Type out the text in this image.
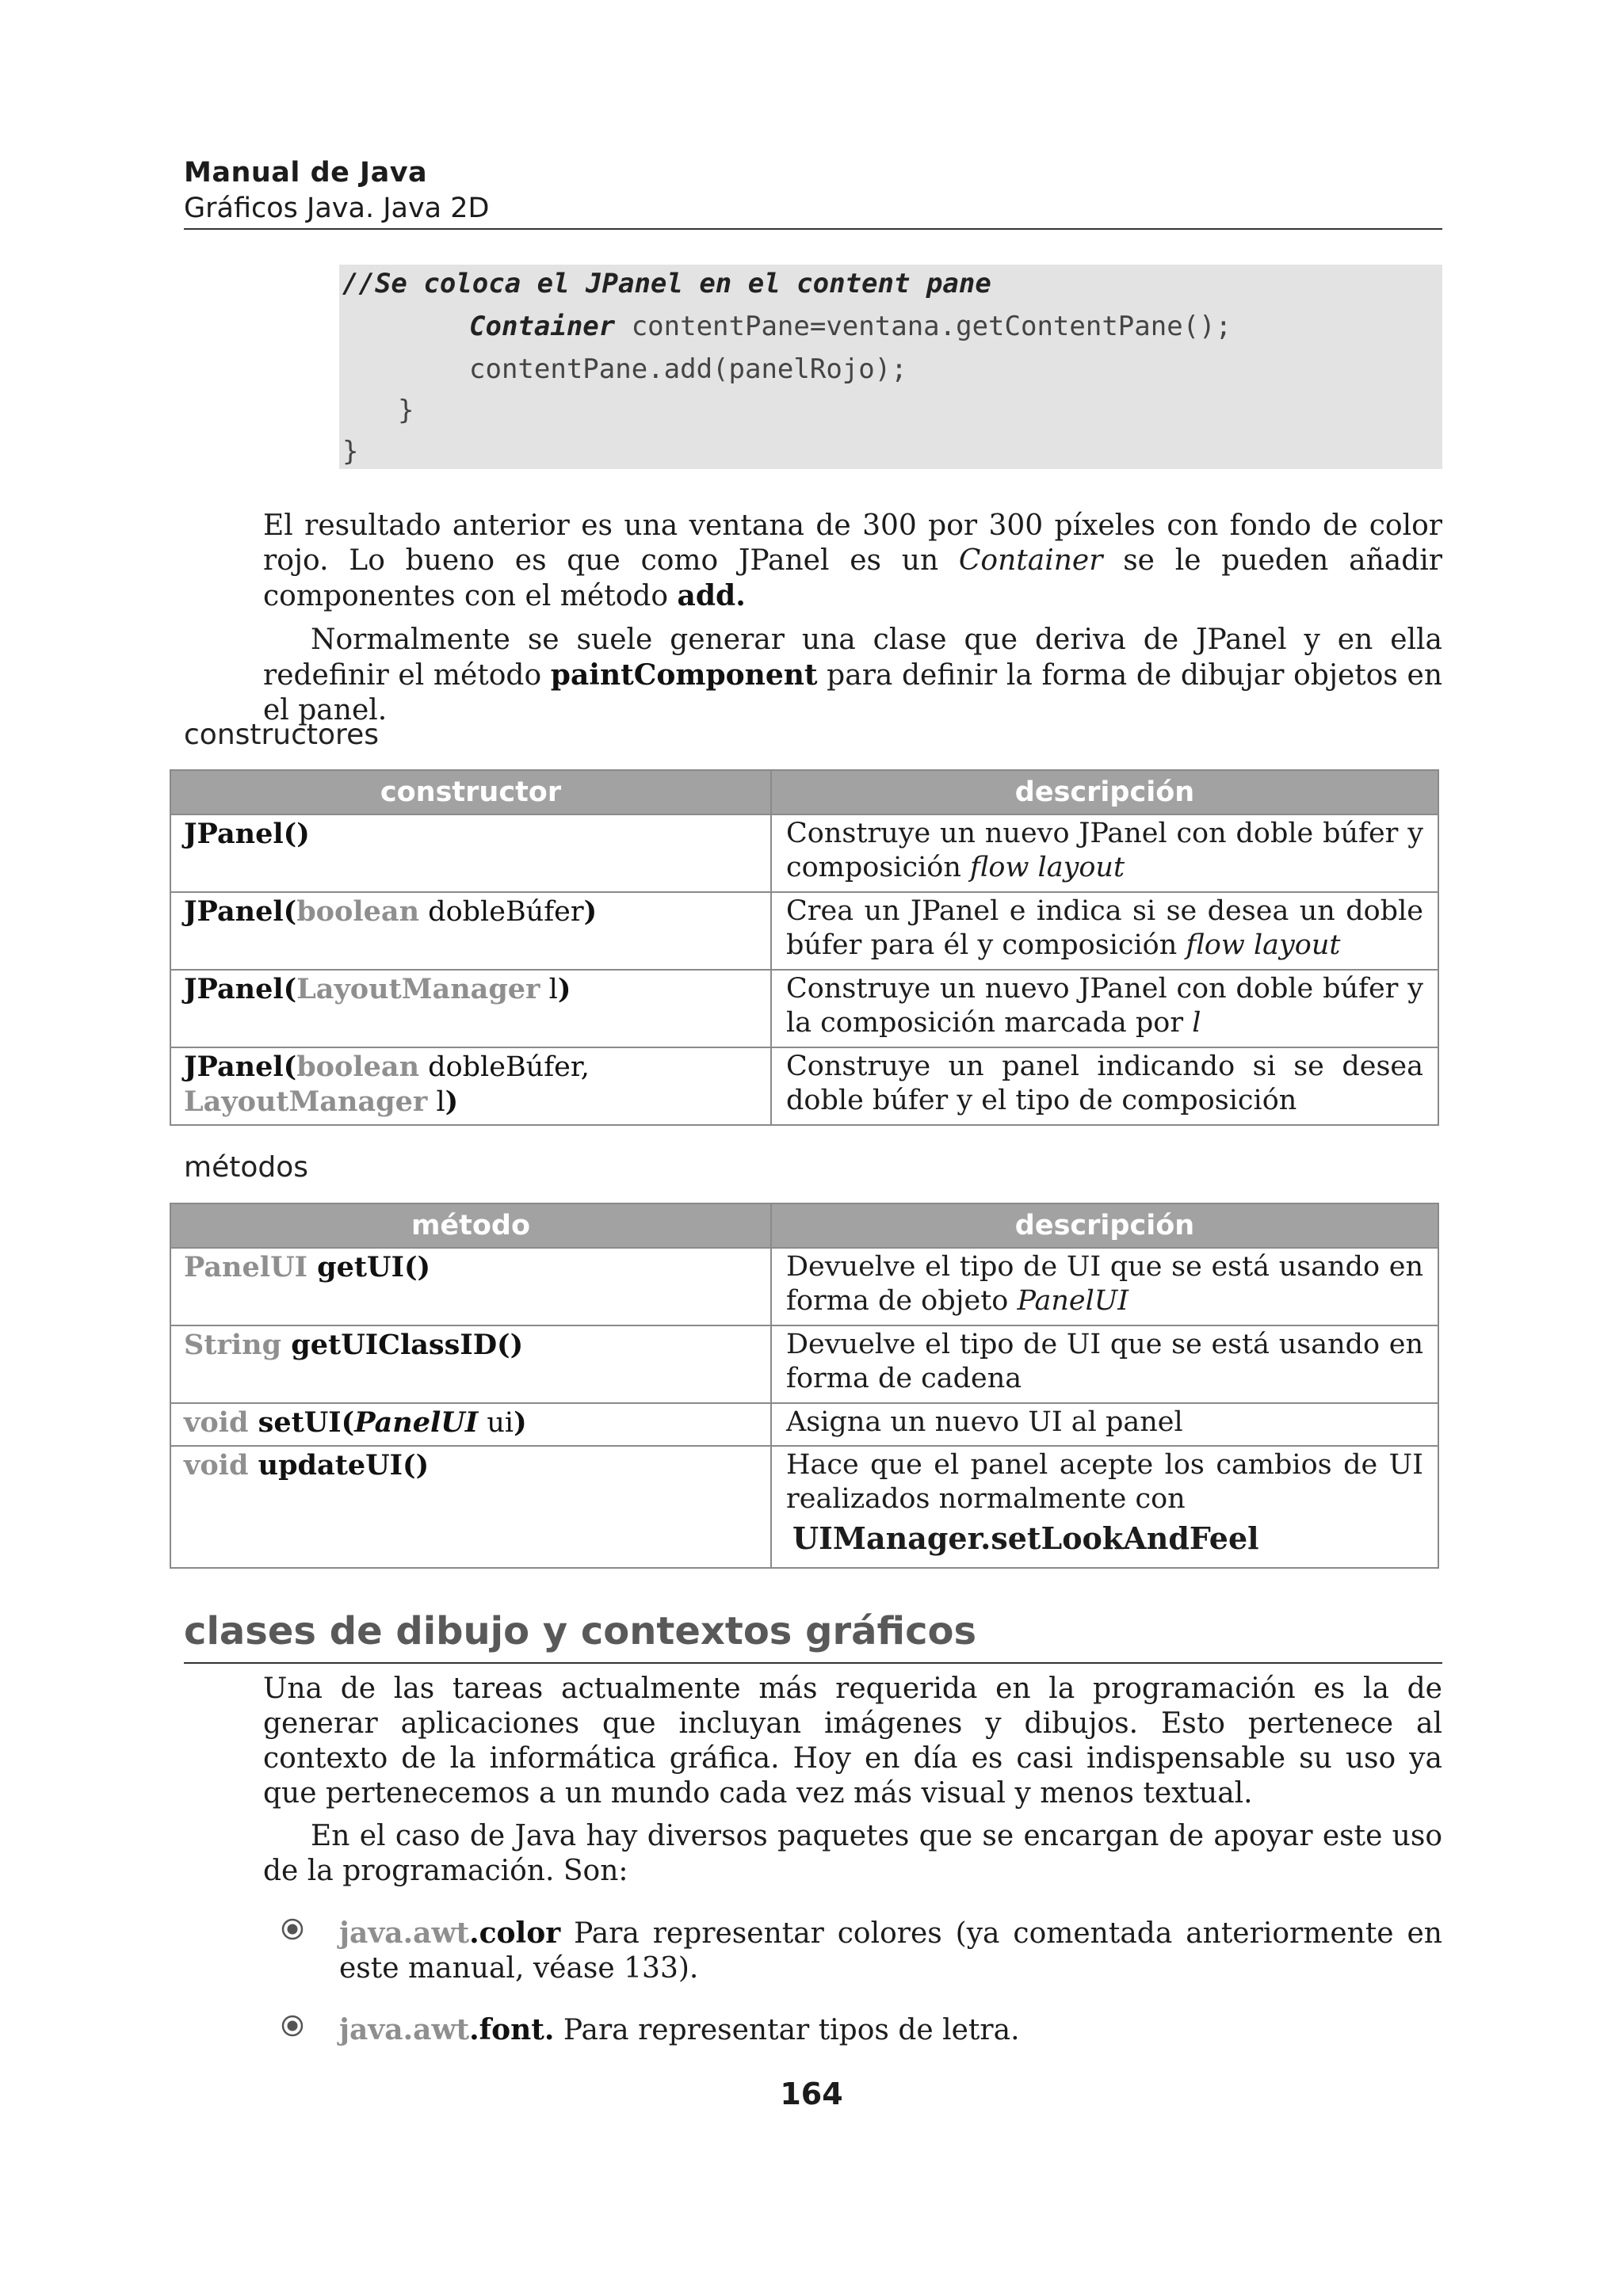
Manual de Java
Gráficos Java. Java 2D
//Se coloca el JPanel en el content pane
Container contentPane=ventana.getContentPane();
contentPane.add(panelRojo);
}
}
El resultado anterior es una ventana de 300 por 300 píxeles con fondo de color rojo. Lo bueno es que como JPanel es un Container se le pueden añadir componentes con el método add.
Normalmente se suele generar una clase que deriva de JPanel y en ella redefinir el método paintComponent para definir la forma de dibujar objetos en el panel.
constructores
constructor	descripción
JPanel()	Construye un nuevo JPanel con doble búfer y composición flow layout
JPanel(boolean dobleBúfer)	Crea un JPanel e indica si se desea un doble búfer para él y composición flow layout
JPanel(LayoutManager l)	Construye un nuevo JPanel con doble búfer y la composición marcada por l
JPanel(boolean dobleBúfer,
LayoutManager l)	Construye un panel indicando si se desea doble búfer y el tipo de composición
métodos
método	descripción
PanelUI getUI()	Devuelve el tipo de UI que se está usando en forma de objeto PanelUI
String getUIClassID()	Devuelve el tipo de UI que se está usando en forma de cadena
void setUI(PanelUI ui)	Asigna un nuevo UI al panel
void updateUI()	Hace que el panel acepte los cambios de UI realizados normalmente con
UIManager.setLookAndFeel
clases de dibujo y contextos gráficos
Una de las tareas actualmente más requerida en la programación es la de generar aplicaciones que incluyan imágenes y dibujos. Esto pertenece al contexto de la informática gráfica. Hoy en día es casi indispensable su uso ya que pertenecemos a un mundo cada vez más visual y menos textual.
En el caso de Java hay diversos paquetes que se encargan de apoyar este uso de la programación. Son:
java.awt.color Para representar colores (ya comentada anteriormente en este manual, véase 133).
java.awt.font. Para representar tipos de letra.
164
